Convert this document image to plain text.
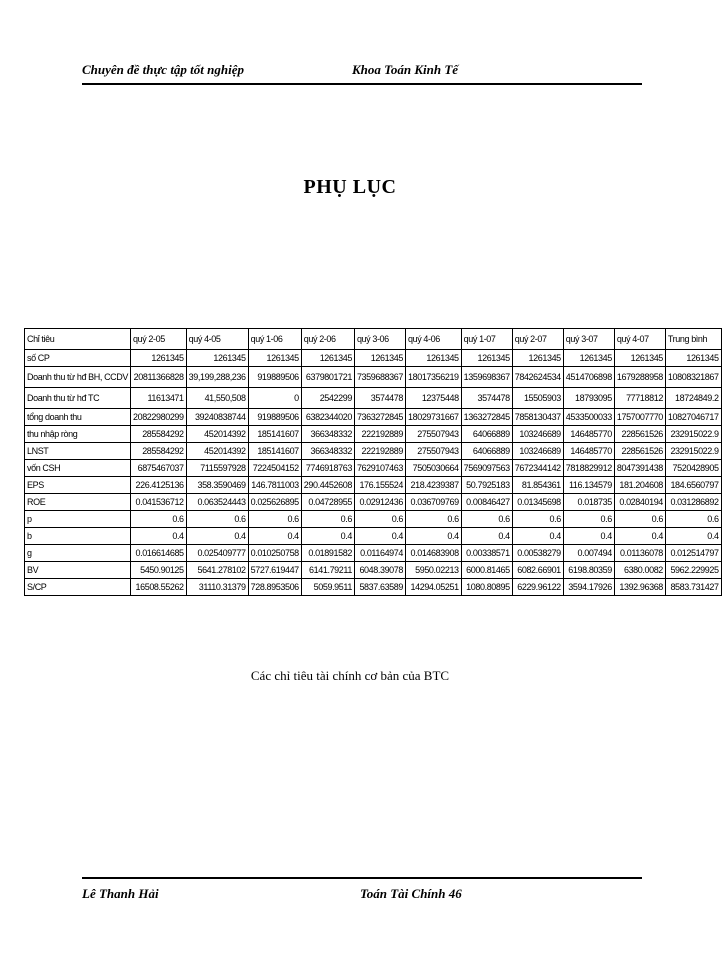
Chuyên đề thực tập tốt nghiệp	Khoa Toán Kinh Tế
PHỤ LỤC
Chỉ tiêu	quý 2-05	quý 4-05	quý 1-06	quý 2-06	quý 3-06	quý 4-06	quý 1-07	quý 2-07	quý 3-07	quý 4-07	Trung bình
số CP	1261345	1261345	1261345	1261345	1261345	1261345	1261345	1261345	1261345	1261345	1261345
Doanh thu từ hđ BH, CCDV	20811366828	39,199,288,236	919889506	6379801721	7359688367	18017356219	1359698367	7842624534	4514706898	1679288958	10808321867
Doanh thu từ hđ TC	11613471	41,550,508	0	2542299	3574478	12375448	3574478	15505903	18793095	77718812	18724849.2
tổng doanh thu	20822980299	39240838744	919889506	6382344020	7363272845	18029731667	1363272845	7858130437	4533500033	1757007770	10827046717
thu nhập ròng	285584292	452014392	185141607	366348332	222192889	275507943	64066889	103246689	146485770	228561526	232915022.9
LNST	285584292	452014392	185141607	366348332	222192889	275507943	64066889	103246689	146485770	228561526	232915022.9
vốn CSH	6875467037	7115597928	7224504152	7746918763	7629107463	7505030664	7569097563	7672344142	7818829912	8047391438	7520428905
EPS	226.4125136	358.3590469	146.7811003	290.4452608	176.155524	218.4239387	50.7925183	81.854361	116.134579	181.204608	184.6560797
ROE	0.041536712	0.063524443	0.025626895	0.04728955	0.02912436	0.036709769	0.00846427	0.01345698	0.018735	0.02840194	0.031286892
p	0.6	0.6	0.6	0.6	0.6	0.6	0.6	0.6	0.6	0.6	0.6
b	0.4	0.4	0.4	0.4	0.4	0.4	0.4	0.4	0.4	0.4	0.4
g	0.016614685	0.025409777	0.010250758	0.01891582	0.01164974	0.014683908	0.00338571	0.00538279	0.007494	0.01136078	0.012514797
BV	5450.90125	5641.278102	5727.619447	6141.79211	6048.39078	5950.02213	6000.81465	6082.66901	6198.80359	6380.0082	5962.229925
S/CP	16508.55262	31110.31379	728.8953506	5059.9511	5837.63589	14294.05251	1080.80895	6229.96122	3594.17926	1392.96368	8583.731427
Các chỉ tiêu tài chính cơ bản của BTC
Lê Thanh Hải	Toán Tài Chính 46
